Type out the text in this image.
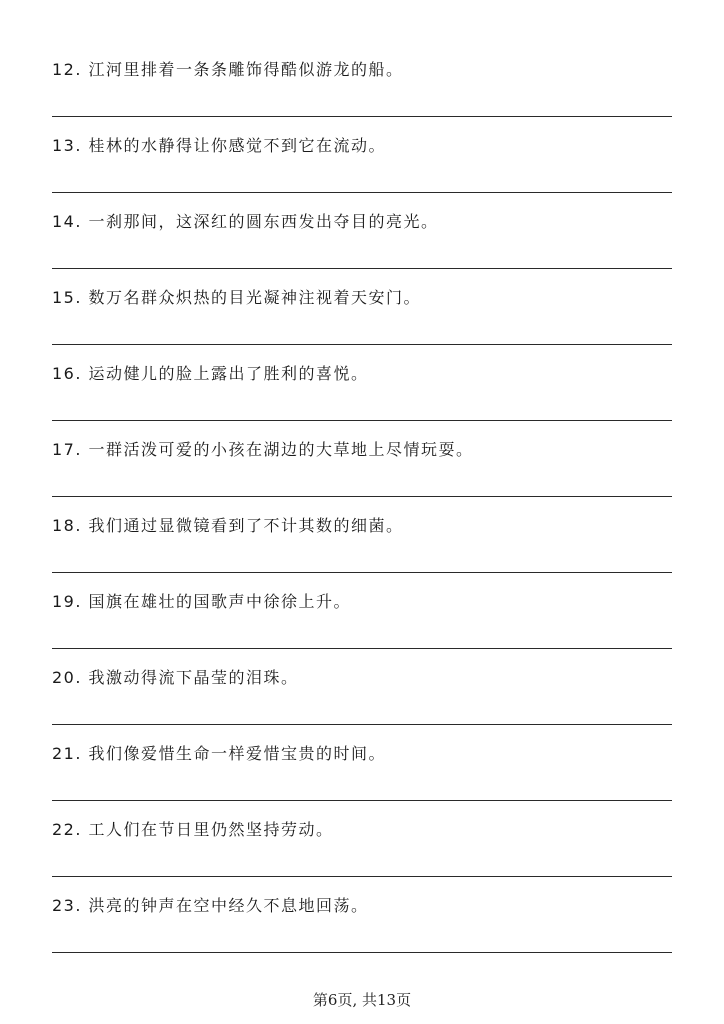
12. 江河里排着一条条雕饰得酷似游龙的船。
13. 桂林的水静得让你感觉不到它在流动。
14. 一刹那间，这深红的圆东西发出夺目的亮光。
15. 数万名群众炽热的目光凝神注视着天安门。
16. 运动健儿的脸上露出了胜利的喜悦。
17. 一群活泼可爱的小孩在湖边的大草地上尽情玩耍。
18. 我们通过显微镜看到了不计其数的细菌。
19. 国旗在雄壮的国歌声中徐徐上升。
20. 我激动得流下晶莹的泪珠。
21. 我们像爱惜生命一样爱惜宝贵的时间。
22. 工人们在节日里仍然坚持劳动。
23. 洪亮的钟声在空中经久不息地回荡。
第6页, 共13页
